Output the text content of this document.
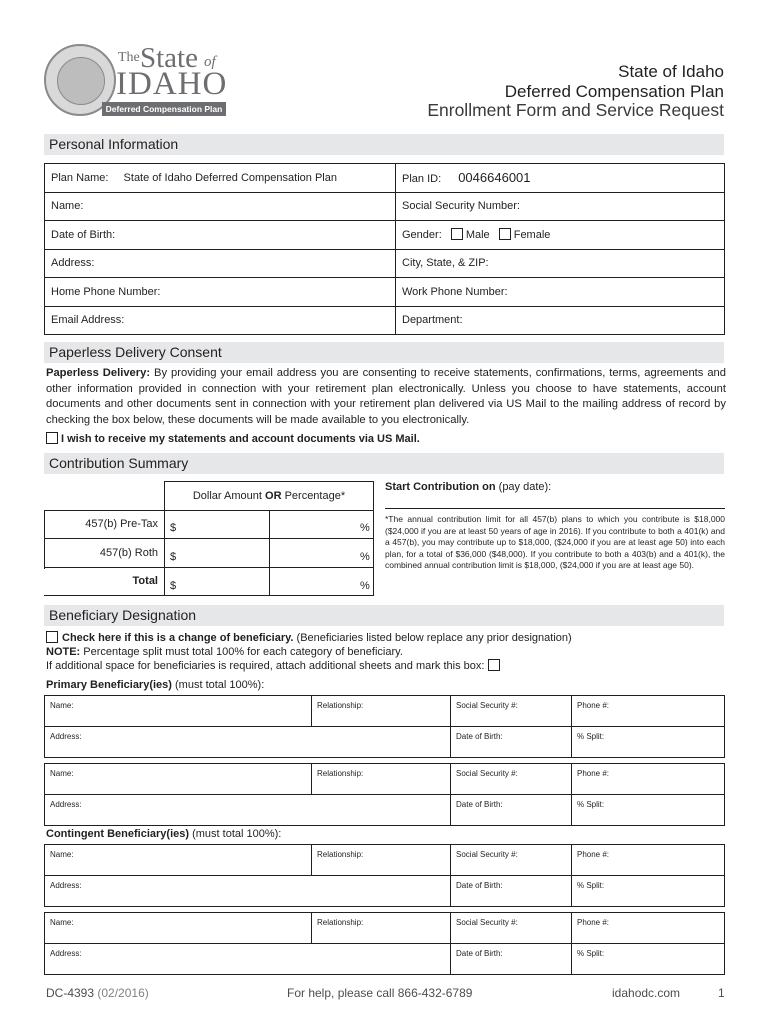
The State of
IDAHO
Deferred Compensation Plan
State of Idaho
Deferred Compensation Plan
Enrollment Form and Service Request
Personal Information
Plan Name: State of Idaho Deferred Compensation Plan	Plan ID: 0046646001
Name:	Social Security Number:
Date of Birth:	Gender: Male Female
Address:	City, State, & ZIP:
Home Phone Number:	Work Phone Number:
Email Address:	Department:
Paperless Delivery Consent
Paperless Delivery: By providing your email address you are consenting to receive statements, confirmations, terms, agreements and other information provided in connection with your retirement plan electronically. Unless you choose to have statements, account documents and other documents sent in connection with your retirement plan delivered via US Mail to the mailing address of record by checking the box below, these documents will be made available to you electronically.
I wish to receive my statements and account documents via US Mail.
Contribution Summary
Dollar Amount OR Percentage*
457(b) Pre-Tax $	%
457(b) Roth $	%
Total $	%
Start Contribution on (pay date):
*The annual contribution limit for all 457(b) plans to which you contribute is $18,000 ($24,000 if you are at least 50 years of age in 2016). If you contribute to both a 401(k) and a 457(b), you may contribute up to $18,000, ($24,000 if you are at least age 50) into each plan, for a total of $36,000 ($48,000). If you contribute to both a 403(b) and a 401(k), the combined annual contribution limit is $18,000, ($24,000 if you are at least age 50).
Beneficiary Designation
Check here if this is a change of beneficiary. (Beneficiaries listed below replace any prior designation)
NOTE: Percentage split must total 100% for each category of beneficiary.
If additional space for beneficiaries is required, attach additional sheets and mark this box:
Primary Beneficiary(ies) (must total 100%):
Name:	Relationship:	Social Security #:	Phone #:
Address:		Date of Birth:	% Split:
Name:	Relationship:	Social Security #:	Phone #:
Address:		Date of Birth:	% Split:
Contingent Beneficiary(ies) (must total 100%):
Name:	Relationship:	Social Security #:	Phone #:
Address:		Date of Birth:	% Split:
Name:	Relationship:	Social Security #:	Phone #:
Address:		Date of Birth:	% Split:
DC-4393 (02/2016)	For help, please call 866-432-6789	idahodc.com	1
